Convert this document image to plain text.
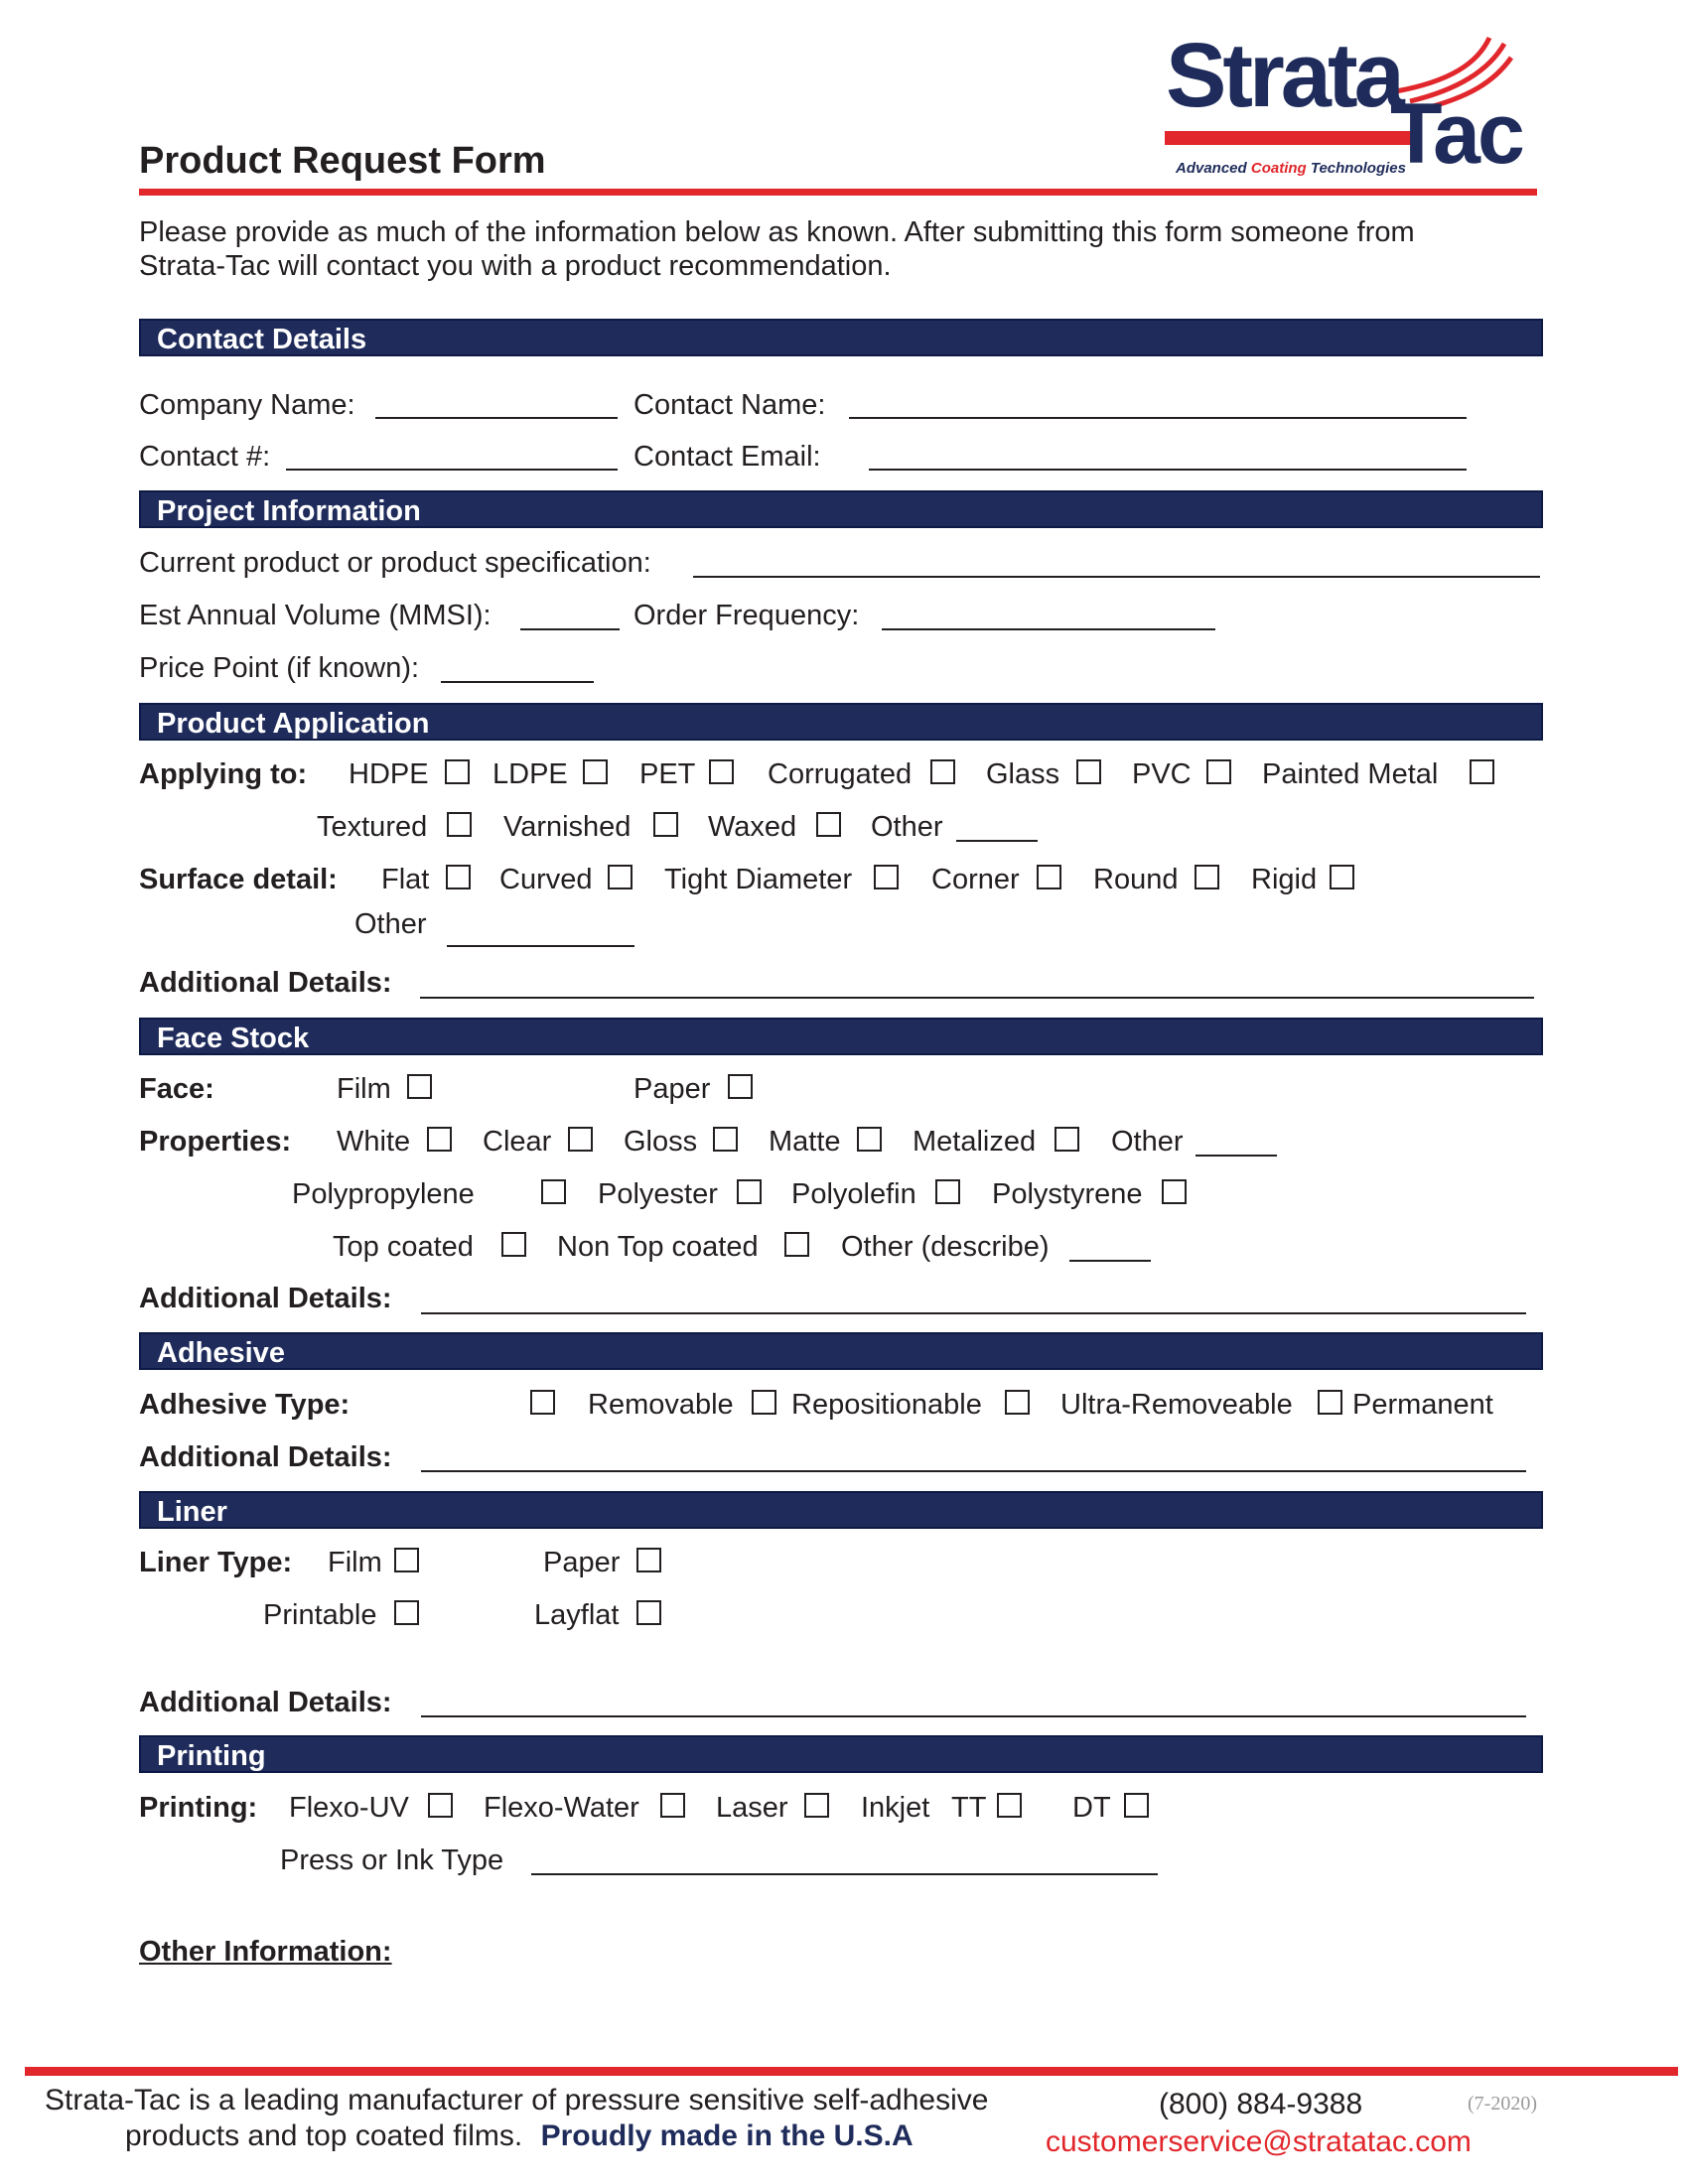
Strata
Tac
Advanced Coating Technologies
Product Request Form
Please provide as much of the information below as known. After submitting this form someone from
Strata-Tac will contact you with a product recommendation.
Contact Details
Company Name:	Contact Name:
Contact #:	Contact Email:
Project Information
Current product or product specification:
Est Annual Volume (MMSI):	Order Frequency:
Price Point (if known):
Product Application
Applying to: HDPE LDPE PET	Corrugated	Glass	PVC Painted Metal
Textured	Varnished	Waxed	Other
Surface detail: Flat Curved	Tight Diameter	Corner	Round	Rigid
Other
Additional Details:
Face Stock
Face:	Film	Paper
Properties: White	Clear	Gloss Matte Metalized	Other
Polypropylene	Polyester	Polyolefin	Polystyrene
Top coated	Non Top coated	Other (describe)
Additional Details:
Adhesive
Adhesive Type:	Removable Repositionable	Ultra-Removeable Permanent
Additional Details:
Liner
Liner Type: Film	Paper
Printable	Layflat
Additional Details:
Printing
Printing: Flexo-UV	Flexo-Water	Laser	Inkjet TT	DT
Press or Ink Type
Other Information:
Strata-Tac is a leading manufacturer of pressure sensitive self-adhesive
products and top coated films. Proudly made in the U.S.A
(800) 884-9388	(7-2020)
customerservice@stratatac.com
